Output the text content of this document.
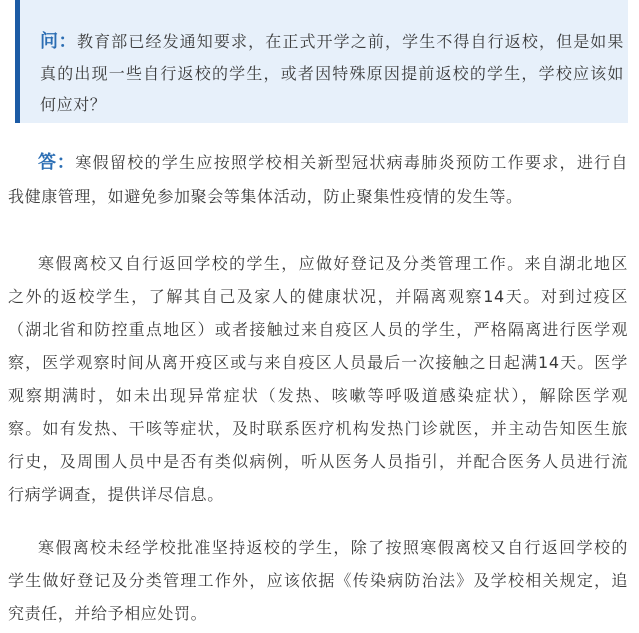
问：教育部已经发通知要求，在正式开学之前，学生不得自行返校，但是如果
真的出现一些自行返校的学生，或者因特殊原因提前返校的学生，学校应该如
何应对？
答：寒假留校的学生应按照学校相关新型冠状病毒肺炎预防工作要求，进行自
我健康管理，如避免参加聚会等集体活动，防止聚集性疫情的发生等。
寒假离校又自行返回学校的学生，应做好登记及分类管理工作。来自湖北地区
之外的返校学生，了解其自己及家人的健康状况，并隔离观察14天。对到过疫区
（湖北省和防控重点地区）或者接触过来自疫区人员的学生，严格隔离进行医学观
察，医学观察时间从离开疫区或与来自疫区人员最后一次接触之日起满14天。医学
观察期满时，如未出现异常症状（发热、咳嗽等呼吸道感染症状），解除医学观
察。如有发热、干咳等症状，及时联系医疗机构发热门诊就医，并主动告知医生旅
行史，及周围人员中是否有类似病例，听从医务人员指引，并配合医务人员进行流
行病学调查，提供详尽信息。
寒假离校未经学校批准坚持返校的学生，除了按照寒假离校又自行返回学校的
学生做好登记及分类管理工作外，应该依据《传染病防治法》及学校相关规定，追
究责任，并给予相应处罚。
